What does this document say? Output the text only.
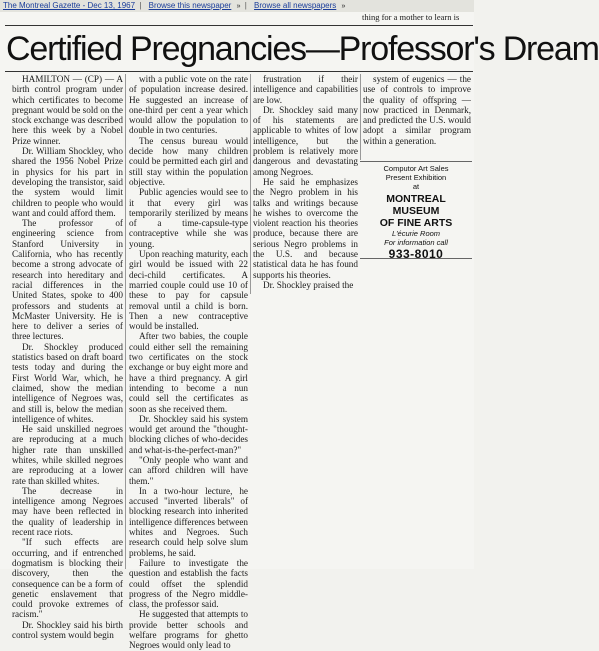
The Montreal Gazette - Dec 13, 1967 | Browse this newspaper » | Browse all newspapers »
thing for a mother to learn is
Certified Pregnancies—Professor's Dream

HAMILTON — (CP) — A birth control program under which certificates to become pregnant would be sold on the stock exchange was described here this week by a Nobel Prize winner.

Dr. William Shockley, who shared the 1956 Nobel Prize in physics for his part in developing the transistor, said the system would limit children to people who would want and could afford them.

The professor of engineering science from Stanford University in California, who has recently become a strong advocate of research into hereditary and racial differences in the United States, spoke to 400 professors and students at McMaster University. He is here to deliver a series of three lectures.

Dr. Shockley produced statistics based on draft board tests today and during the First World War, which, he claimed, show the median intelligence of Negroes was, and still is, below the median intelligence of whites.

He said unskilled negroes are reproducing at a much higher rate than unskilled whites, while skilled negroes are reproducing at a lower rate than skilled whites.

The decrease in intelligence among Negroes may have been reflected in the quality of leadership in recent race riots.

"If such effects are occurring, and if entrenched dogmatism is blocking their discovery, then the consequence can be a form of genetic enslavement that could provoke extremes of racism."

Dr. Shockley said his birth control system would begin

with a public vote on the rate of population increase desired. He suggested an increase of one-third per cent a year which would allow the population to double in two centuries.

The census bureau would decide how many children could be permitted each girl and still stay within the population objective.

Public agencies would see to it that every girl was temporarily sterilized by means of a time-capsule-type contraceptive while she was young.

Upon reaching maturity, each girl would be issued with 22 deci-child certificates. A married couple could use 10 of these to pay for capsule removal until a child is born. Then a new contraceptive would be installed.

After two babies, the couple could either sell the remaining two certificates on the stock exchange or buy eight more and have a third pregnancy. A girl intending to become a nun could sell the certificates as soon as she received them.

Dr. Shockley said his system would get around the "thought-blocking cliches of who-decides and what-is-the-perfect-man?"

"Only people who want and can afford children will have them."

In a two-hour lecture, he accused "inverted liberals" of blocking research into inherited intelligence differences between whites and Negroes. Such research could help solve slum problems, he said.

Failure to investigate the question and establish the facts could offset the splendid progress of the Negro middle-class, the professor said.

He suggested that attempts to provide better schools and welfare programs for ghetto Negroes would only lead to

frustration if their intelligence and capabilities are low.

Dr. Shockley said many of his statements are applicable to whites of low intelligence, but the problem is relatively more dangerous and devastating among Negroes.

He said he emphasizes the Negro problem in his talks and writings because he wishes to overcome the violent reaction his theories produce, because there are serious Negro problems in the U.S. and because statistical data he has found supports his theories.

Dr. Shockley praised the

system of eugenics — the use of controls to improve the quality of offspring — now practiced in Denmark, and predicted the U.S. would adopt a similar program within a generation.

Computor Art Sales
Present Exhibition
at
MONTREAL MUSEUM
OF FINE ARTS
L'écurie Room
For information call
933-8010
